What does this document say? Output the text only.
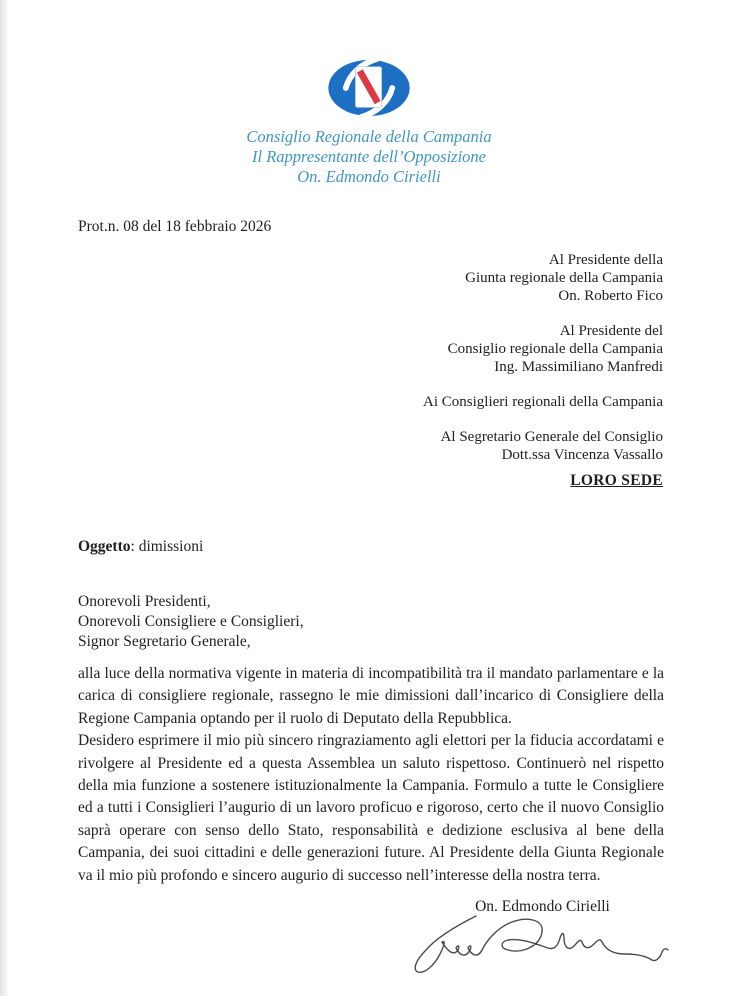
Consiglio Regionale della Campania
Il Rappresentante dell’Opposizione
On. Edmondo Cirielli
Prot.n. 08 del 18 febbraio 2026
Al Presidente della
Giunta regionale della Campania
On. Roberto Fico
Al Presidente del
Consiglio regionale della Campania
Ing. Massimiliano Manfredi
Ai Consiglieri regionali della Campania
Al Segretario Generale del Consiglio
Dott.ssa Vincenza Vassallo
LORO SEDE
Oggetto: dimissioni
Onorevoli Presidenti,
Onorevoli Consigliere e Consiglieri,
Signor Segretario Generale,

alla luce della normativa vigente in materia di incompatibilità tra il mandato parlamentare e la carica di consigliere regionale, rassegno le mie dimissioni dall’incarico di Consigliere della Regione Campania optando per il ruolo di Deputato della Repubblica.

Desidero esprimere il mio più sincero ringraziamento agli elettori per la fiducia accordatami e rivolgere al Presidente ed a questa Assemblea un saluto rispettoso. Continuerò nel rispetto della mia funzione a sostenere istituzionalmente la Campania. Formulo a tutte le Consigliere ed a tutti i Consiglieri l’augurio di un lavoro proficuo e rigoroso, certo che il nuovo Consiglio saprà operare con senso dello Stato, responsabilità e dedizione esclusiva al bene della Campania, dei suoi cittadini e delle generazioni future. Al Presidente della Giunta Regionale va il mio più profondo e sincero augurio di successo nell’interesse della nostra terra.

On. Edmondo Cirielli
